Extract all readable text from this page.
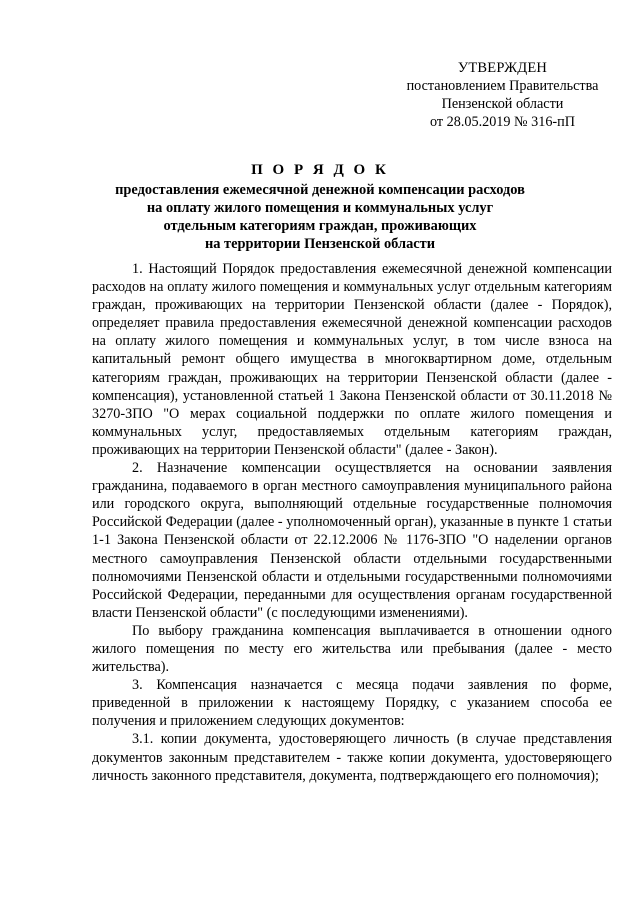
УТВЕРЖДЕН
постановлением Правительства
Пензенской области
от 28.05.2019 № 316-пП
П О Р Я Д О К
предоставления ежемесячной денежной компенсации расходов
на оплату жилого помещения и коммунальных услуг
отдельным категориям граждан, проживающих
на территории Пензенской области

1. Настоящий Порядок предоставления ежемесячной денежной компенсации расходов на оплату жилого помещения и коммунальных услуг отдельным категориям граждан, проживающих на территории Пензенской области (далее - Порядок), определяет правила предоставления ежемесячной денежной компенсации расходов на оплату жилого помещения и коммунальных услуг, в том числе взноса на капитальный ремонт общего имущества в многоквартирном доме, отдельным категориям граждан, проживающих на территории Пензенской области (далее - компенсация), установленной статьей 1 Закона Пензенской области от 30.11.2018 № 3270-ЗПО "О мерах социальной поддержки по оплате жилого помещения и коммунальных услуг, предоставляемых отдельным категориям граждан, проживающих на территории Пензенской области" (далее - Закон).

2. Назначение компенсации осуществляется на основании заявления гражданина, подаваемого в орган местного самоуправления муниципального района или городского округа, выполняющий отдельные государственные полномочия Российской Федерации (далее - уполномоченный орган), указанные в пункте 1 статьи 1-1 Закона Пензенской области от 22.12.2006 № 1176-ЗПО "О наделении органов местного самоуправления Пензенской области отдельными государственными полномочиями Пензенской области и отдельными государственными полномочиями Российской Федерации, переданными для осуществления органам государственной власти Пензенской области" (с последующими изменениями).

По выбору гражданина компенсация выплачивается в отношении одного жилого помещения по месту его жительства или пребывания (далее - место жительства).

3. Компенсация назначается с месяца подачи заявления по форме, приведенной в приложении к настоящему Порядку, с указанием способа ее получения и приложением следующих документов:

3.1. копии документа, удостоверяющего личность (в случае представления документов законным представителем - также копии документа, удостоверяющего личность законного представителя, документа, подтверждающего его полномочия);
